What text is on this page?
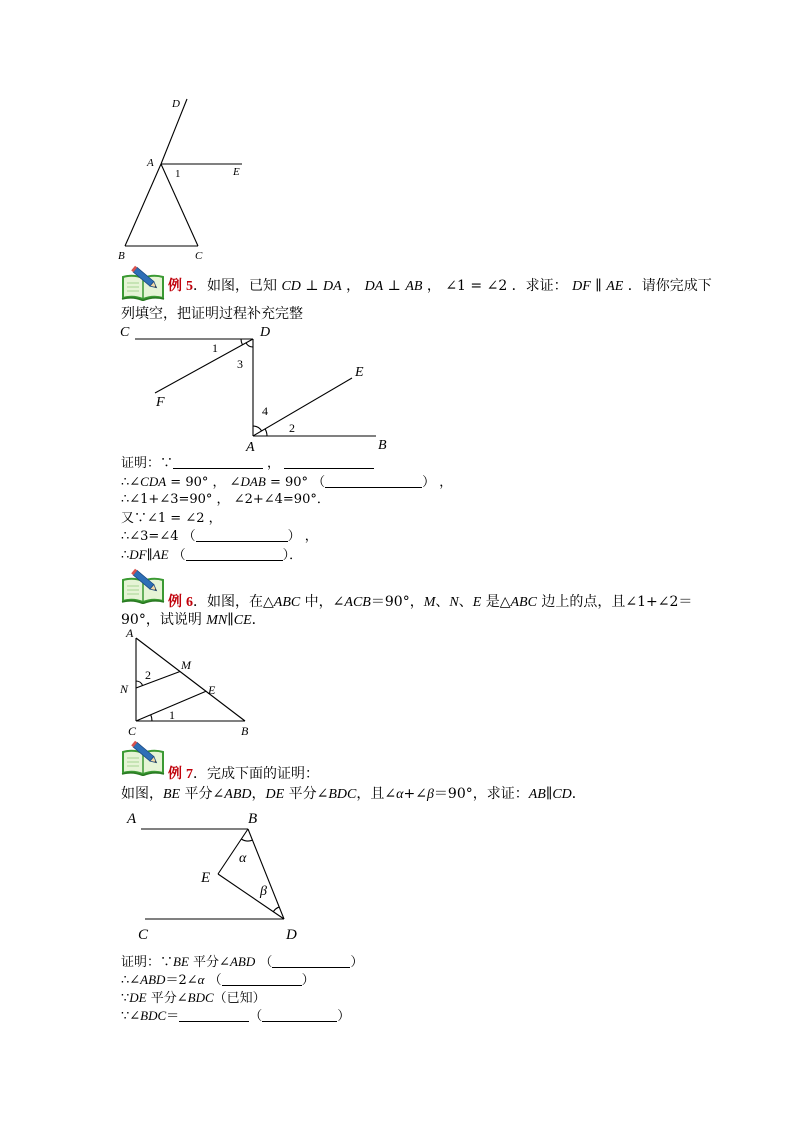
D
A
E
1
B	C
例 5．如图，已知 CD ⊥ DA ， DA ⊥ AB ， ∠1 = ∠2 ．求证： DF ∥ AE ．请你完成下
列填空，把证明过程补充完整
C	D
1
3
F
E
4
2
A	B
证明：∵	，
∴∠CDA = 90° ， ∠DAB = 90° （	） ，
∴∠1+∠3=90° ， ∠2+∠4=90°．
又∵∠1 = ∠2 ，
∴∠3=∠4 （	） ，
∴DF∥AE （	）．
例 6．如图，在△ABC 中，∠ACB＝90°，M、N、E 是△ABC 边上的点，且∠1+∠2＝
90°，试说明 MN∥CE．
A
2
M
N	E
1
C	B
例 7．完成下面的证明：
如图，BE 平分∠ABD，DE 平分∠BDC，且∠α+∠β＝90°，求证：AB∥CD．
A	B
α
E
β
C	D
证明：∵BE 平分∠ABD （	）
∴∠ABD＝2∠α （	）
∵DE 平分∠BDC（已知）
∵∠BDC＝	（	）
